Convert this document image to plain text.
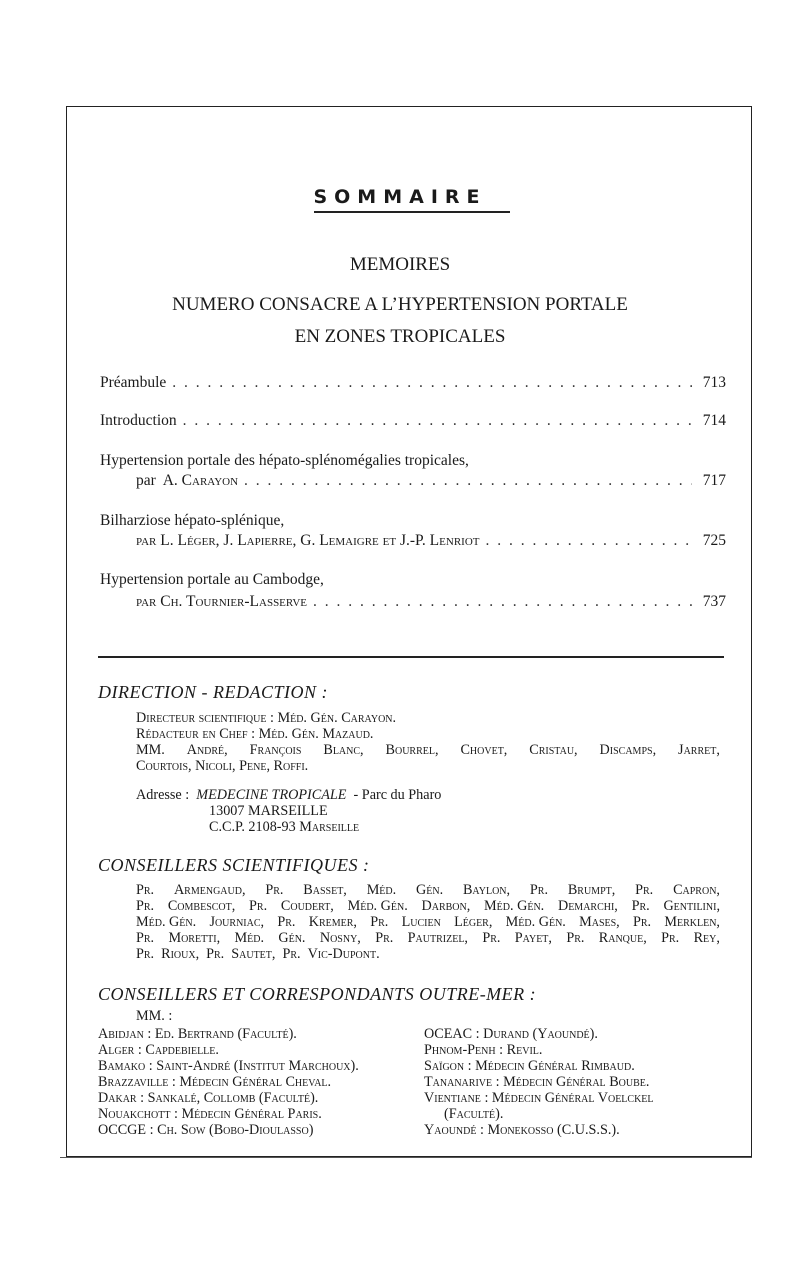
SOMMAIRE
MEMOIRES
NUMERO CONSACRE A L’HYPERTENSION PORTALE
EN ZONES TROPICALES
Préambule . . .	713
Introduction . . .	714
Hypertension portale des hépato-splénomégalies tropicales,
par A. Carayon . . .	717
Bilharziose hépato-splénique,
par L. Léger, J. Lapierre, G. Lemaigre et J.-P. Lenriot . . .	725
Hypertension portale au Cambodge,
par Ch. Tournier-Lasserve . . .	737
DIRECTION - REDACTION :
Directeur scientifique : Méd. Gén. Carayon.
Rédacteur en Chef : Méd. Gén. Mazaud.
MM. André, François Blanc, Bourrel, Chovet, Cristau, Discamps, Jarret,
Courtois, Nicoli, Pene, Roffi.
Adresse : MEDECINE TROPICALE - Parc du Pharo
13007 MARSEILLE
C.C.P. 2108-93 Marseille
CONSEILLERS SCIENTIFIQUES :
Pr. Armengaud, Pr. Basset, Méd. Gén. Baylon, Pr. Brumpt, Pr. Capron,
Pr. Combescot, Pr. Coudert, Méd. Gén. Darbon, Méd. Gén. Demarchi, Pr. Gentilini,
Méd. Gén. Journiac, Pr. Kremer, Pr. Lucien Léger, Méd. Gén. Mases, Pr. Merklen,
Pr. Moretti, Méd. Gén. Nosny, Pr. Pautrizel, Pr. Payet, Pr. Ranque, Pr. Rey,
Pr. Rioux, Pr. Sautet, Pr. Vic-Dupont.
CONSEILLERS ET CORRESPONDANTS OUTRE-MER :
MM. :
Abidjan : Ed. Bertrand (Faculté).
Alger : Capdebielle.
Bamako : Saint-André (Institut Marchoux).
Brazzaville : Médecin Général Cheval.
Dakar : Sankalé, Collomb (Faculté).
Nouakchott : Médecin Général Paris.
OCCGE : Ch. Sow (Bobo-Dioulasso)
OCEAC : Durand (Yaoundé).
Phnom-Penh : Revil.
Saïgon : Médecin Général Rimbaud.
Tananarive : Médecin Général Boube.
Vientiane : Médecin Général Voelckel
(Faculté).
Yaoundé : Monekosso (C.U.S.S.).
